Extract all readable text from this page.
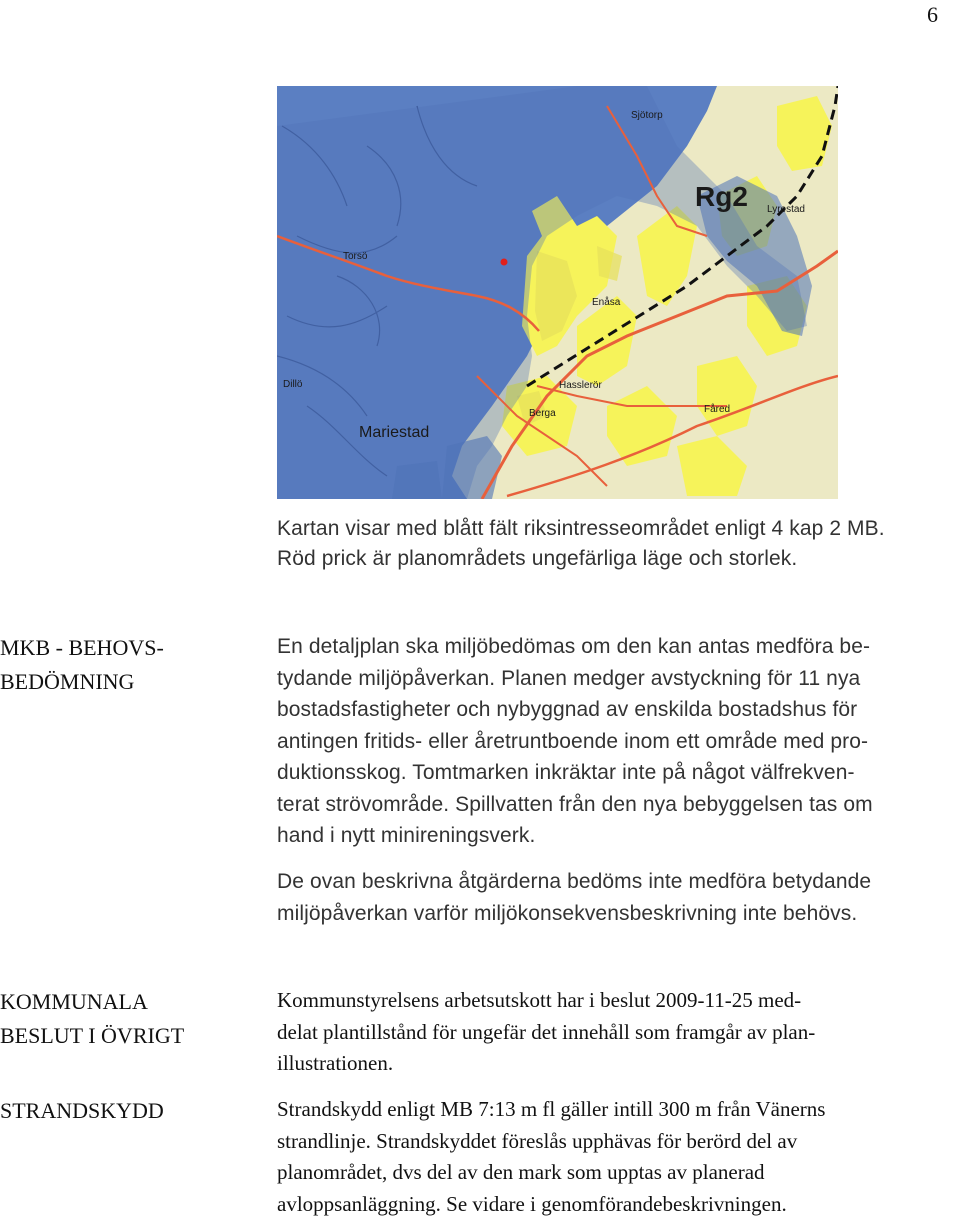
6
Sjötorp
Rg2 Lyrestad
Torsö
Enåsa
Dillö	Hasslerör
Berga	Fåred
Mariestad

Kartan visar med blått fält riksintresseområdet enligt 4 kap 2 MB.

Röd prick är planområdets ungefärliga läge och storlek.

MKB - BEHOVS-
BEDÖMNING

En detaljplan ska miljöbedömas om den kan antas medföra be-

tydande miljöpåverkan. Planen medger avstyckning för 11 nya

bostadsfastigheter och nybyggnad av enskilda bostadshus för

antingen fritids- eller åretruntboende inom ett område med pro-

duktionsskog. Tomtmarken inkräktar inte på något välfrekven-

terat strövområde. Spillvatten från den nya bebyggelsen tas om

hand i nytt minireningsverk.

De ovan beskrivna åtgärderna bedöms inte medföra betydande

miljöpåverkan varför miljökonsekvensbeskrivning inte behövs.

KOMMUNALA
BESLUT I ÖVRIGT

Kommunstyrelsens arbetsutskott har i beslut 2009-11-25 med-

delat plantillstånd för ungefär det innehåll som framgår av plan-

illustrationen.

STRANDSKYDD	Strandskydd enligt MB 7:13 m fl gäller intill 300 m från Vänerns

strandlinje. Strandskyddet föreslås upphävas för berörd del av

planområdet, dvs del av den mark som upptas av planerad

avloppsanläggning. Se vidare i genomförandebeskrivningen.
